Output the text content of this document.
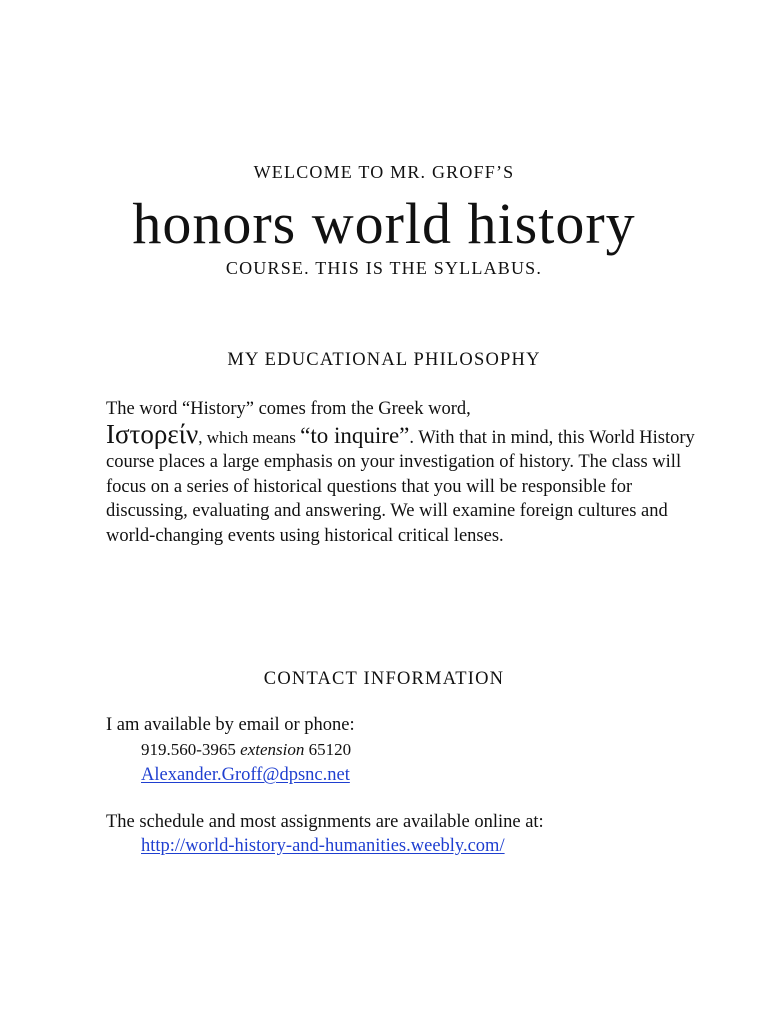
WELCOME TO MR. GROFF’S
honors world history
COURSE. THIS IS THE SYLLABUS.
MY EDUCATIONAL PHILOSOPHY

The word “History” comes from the Greek word,
Ιστορείν, which means “to inquire”. With that in mind, this World History course places a large emphasis on your investigation of history. The class will focus on a series of historical questions that you will be responsible for discussing, evaluating and answering. We will examine foreign cultures and world-changing events using historical critical lenses.

CONTACT INFORMATION
I am available by email or phone:
919.560-3965 extension 65120
Alexander.Groff@dpsnc.net
The schedule and most assignments are available online at:
http://world-history-and-humanities.weebly.com/
